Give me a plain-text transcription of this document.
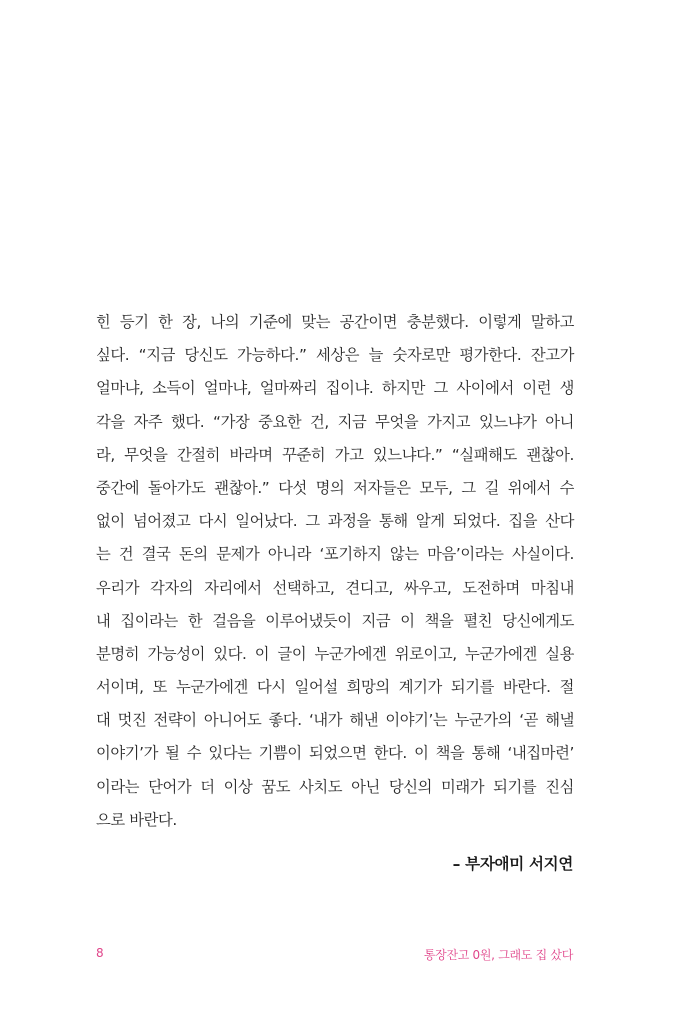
힌 등기 한 장, 나의 기준에 맞는 공간이면 충분했다. 이렇게 말하고
싶다. “지금 당신도 가능하다.” 세상은 늘 숫자로만 평가한다. 잔고가
얼마냐, 소득이 얼마냐, 얼마짜리 집이냐. 하지만 그 사이에서 이런 생
각을 자주 했다. “가장 중요한 건, 지금 무엇을 가지고 있느냐가 아니
라, 무엇을 간절히 바라며 꾸준히 가고 있느냐다.” “실패해도 괜찮아.
중간에 돌아가도 괜찮아.” 다섯 명의 저자들은 모두, 그 길 위에서 수
없이 넘어졌고 다시 일어났다. 그 과정을 통해 알게 되었다. 집을 산다
는 건 결국 돈의 문제가 아니라 ‘포기하지 않는 마음’이라는 사실이다.
우리가 각자의 자리에서 선택하고, 견디고, 싸우고, 도전하며 마침내
내 집이라는 한 걸음을 이루어냈듯이 지금 이 책을 펼친 당신에게도
분명히 가능성이 있다. 이 글이 누군가에겐 위로이고, 누군가에겐 실용
서이며, 또 누군가에겐 다시 일어설 희망의 계기가 되기를 바란다. 절
대 멋진 전략이 아니어도 좋다. ‘내가 해낸 이야기’는 누군가의 ‘곧 해낼
이야기’가 될 수 있다는 기쁨이 되었으면 한다. 이 책을 통해 ‘내집마련’
이라는 단어가 더 이상 꿈도 사치도 아닌 당신의 미래가 되기를 진심
으로 바란다.
– 부자애미 서지연
8	통장잔고 0원, 그래도 집 샀다
